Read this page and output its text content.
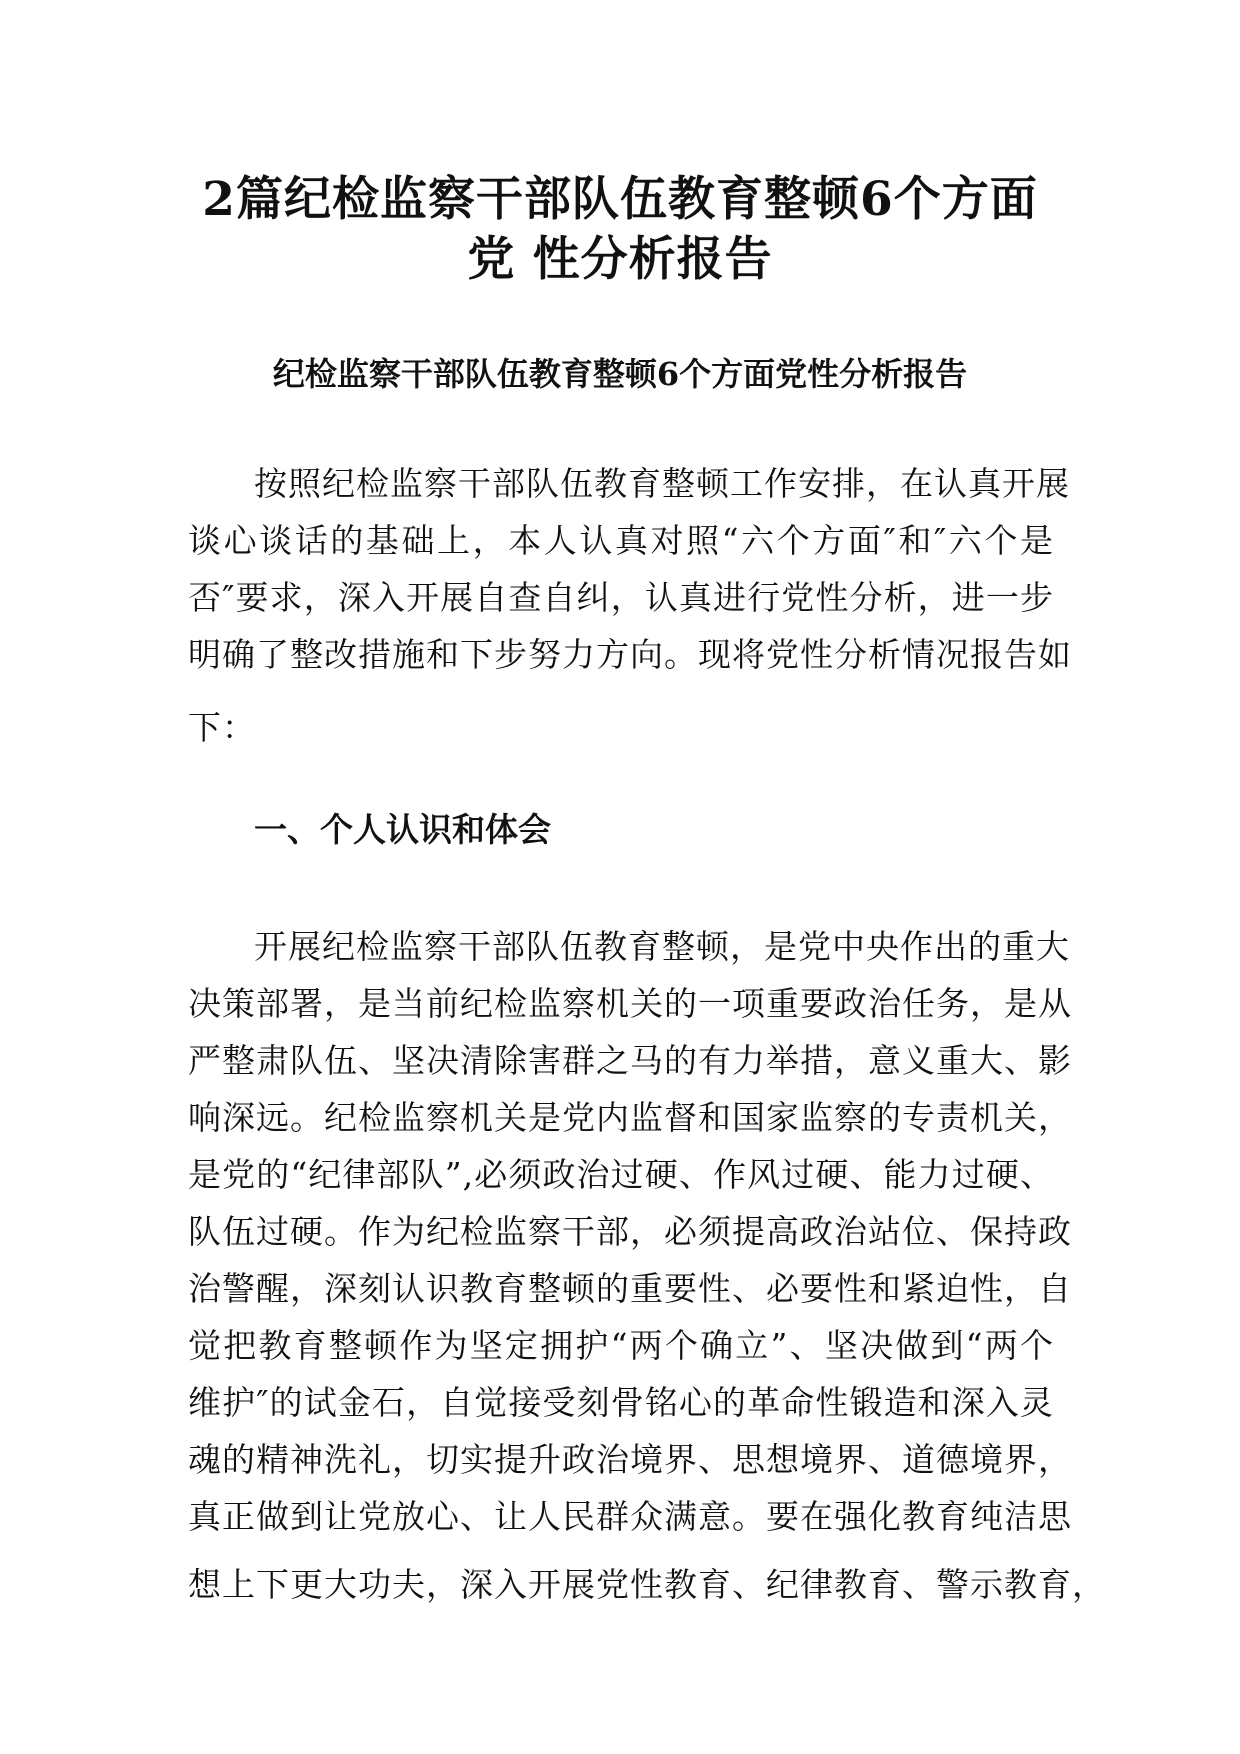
2篇纪检监察干部队伍教育整顿6个方面
党 性分析报告
纪检监察干部队伍教育整顿6个方面党性分析报告
按照纪检监察干部队伍教育整顿工作安排，在认真开展
谈心谈话的基础上，本人认真对照“六个方面″和″六个是
否″要求，深入开展自查自纠，认真进行党性分析，进一步
明确了整改措施和下步努力方向。现将党性分析情况报告如
下：
一、个人认识和体会
开展纪检监察干部队伍教育整顿，是党中央作出的重大
决策部署，是当前纪检监察机关的一项重要政治任务，是从
严整肃队伍、坚决清除害群之马的有力举措，意义重大、影
响深远。纪检监察机关是党内监督和国家监察的专责机关，
是党的“纪律部队”,必须政治过硬、作风过硬、能力过硬、
队伍过硬。作为纪检监察干部，必须提高政治站位、保持政
治警醒，深刻认识教育整顿的重要性、必要性和紧迫性，自
觉把教育整顿作为坚定拥护“两个确立”、坚决做到“两个
维护″的试金石，自觉接受刻骨铭心的革命性锻造和深入灵
魂的精神洗礼，切实提升政治境界、思想境界、道德境界，
真正做到让党放心、让人民群众满意。要在强化教育纯洁思
想上下更大功夫，深入开展党性教育、纪律教育、警示教育，
